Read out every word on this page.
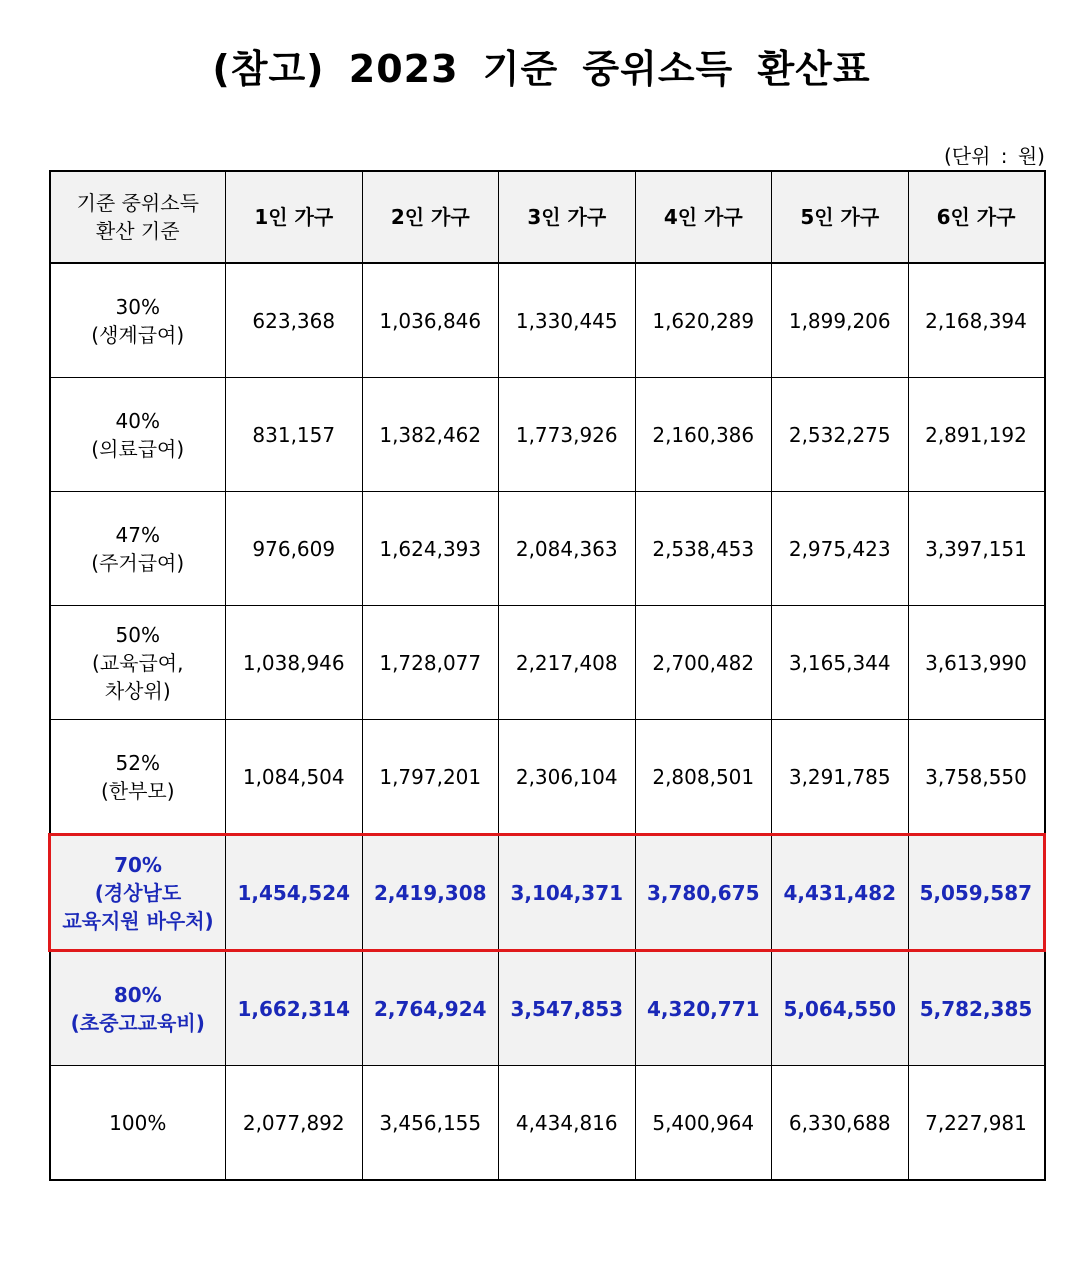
(참고) 2023 기준 중위소득 환산표
(단위 : 원)
기준 중위소득
환산 기준	1인 가구	2인 가구	3인 가구	4인 가구	5인 가구	6인 가구

30%
(생계급여)	623,368	1,036,846	1,330,445	1,620,289	1,899,206	2,168,394

40%
(의료급여)	831,157	1,382,462	1,773,926	2,160,386	2,532,275	2,891,192

47%
(주거급여)	976,609	1,624,393	2,084,363	2,538,453	2,975,423	3,397,151

50%
(교육급여,
차상위)	1,038,946	1,728,077	2,217,408	2,700,482	3,165,344	3,613,990

52%
(한부모)	1,084,504	1,797,201	2,306,104	2,808,501	3,291,785	3,758,550

70%
(경상남도
교육지원 바우처)	1,454,524	2,419,308	3,104,371	3,780,675	4,431,482	5,059,587

80%
(초중고교육비)	1,662,314	2,764,924	3,547,853	4,320,771	5,064,550	5,782,385

100%	2,077,892	3,456,155	4,434,816	5,400,964	6,330,688	7,227,981
